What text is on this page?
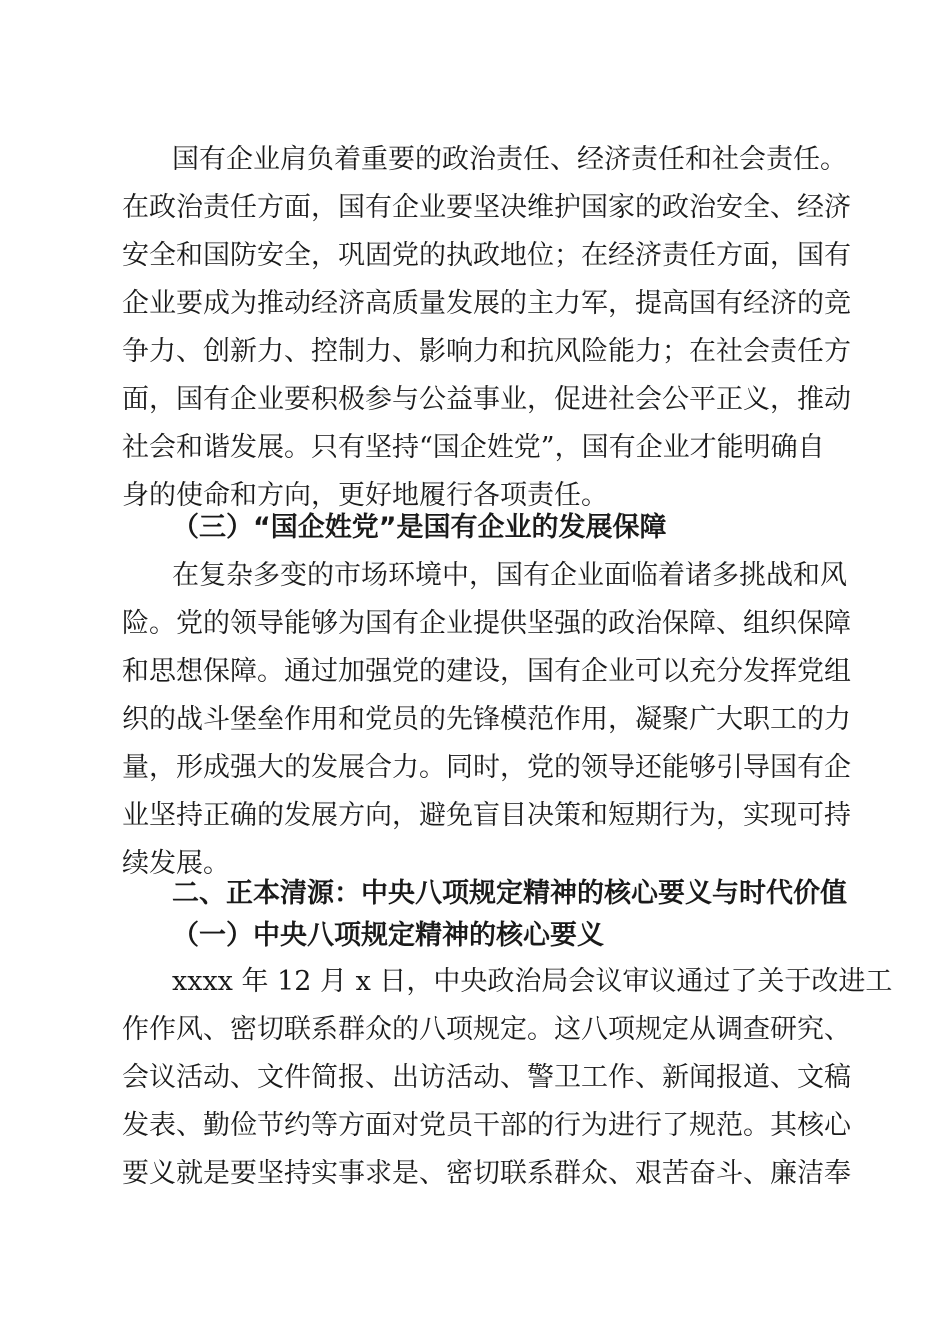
国有企业肩负着重要的政治责任、经济责任和社会责任。
在政治责任方面，国有企业要坚决维护国家的政治安全、经济
安全和国防安全，巩固党的执政地位；在经济责任方面，国有
企业要成为推动经济高质量发展的主力军，提高国有经济的竞
争力、创新力、控制力、影响力和抗风险能力；在社会责任方
面，国有企业要积极参与公益事业，促进社会公平正义，推动
社会和谐发展。只有坚持“国企姓党”，国有企业才能明确自
身的使命和方向，更好地履行各项责任。
（三）“国企姓党”是国有企业的发展保障
在复杂多变的市场环境中，国有企业面临着诸多挑战和风
险。党的领导能够为国有企业提供坚强的政治保障、组织保障
和思想保障。通过加强党的建设，国有企业可以充分发挥党组
织的战斗堡垒作用和党员的先锋模范作用，凝聚广大职工的力
量，形成强大的发展合力。同时，党的领导还能够引导国有企
业坚持正确的发展方向，避免盲目决策和短期行为，实现可持
续发展。
二、正本清源：中央八项规定精神的核心要义与时代价值
（一）中央八项规定精神的核心要义
xxxx 年 12 月 x 日，中央政治局会议审议通过了关于改进工
作作风、密切联系群众的八项规定。这八项规定从调查研究、
会议活动、文件简报、出访活动、警卫工作、新闻报道、文稿
发表、勤俭节约等方面对党员干部的行为进行了规范。其核心
要义就是要坚持实事求是、密切联系群众、艰苦奋斗、廉洁奉
